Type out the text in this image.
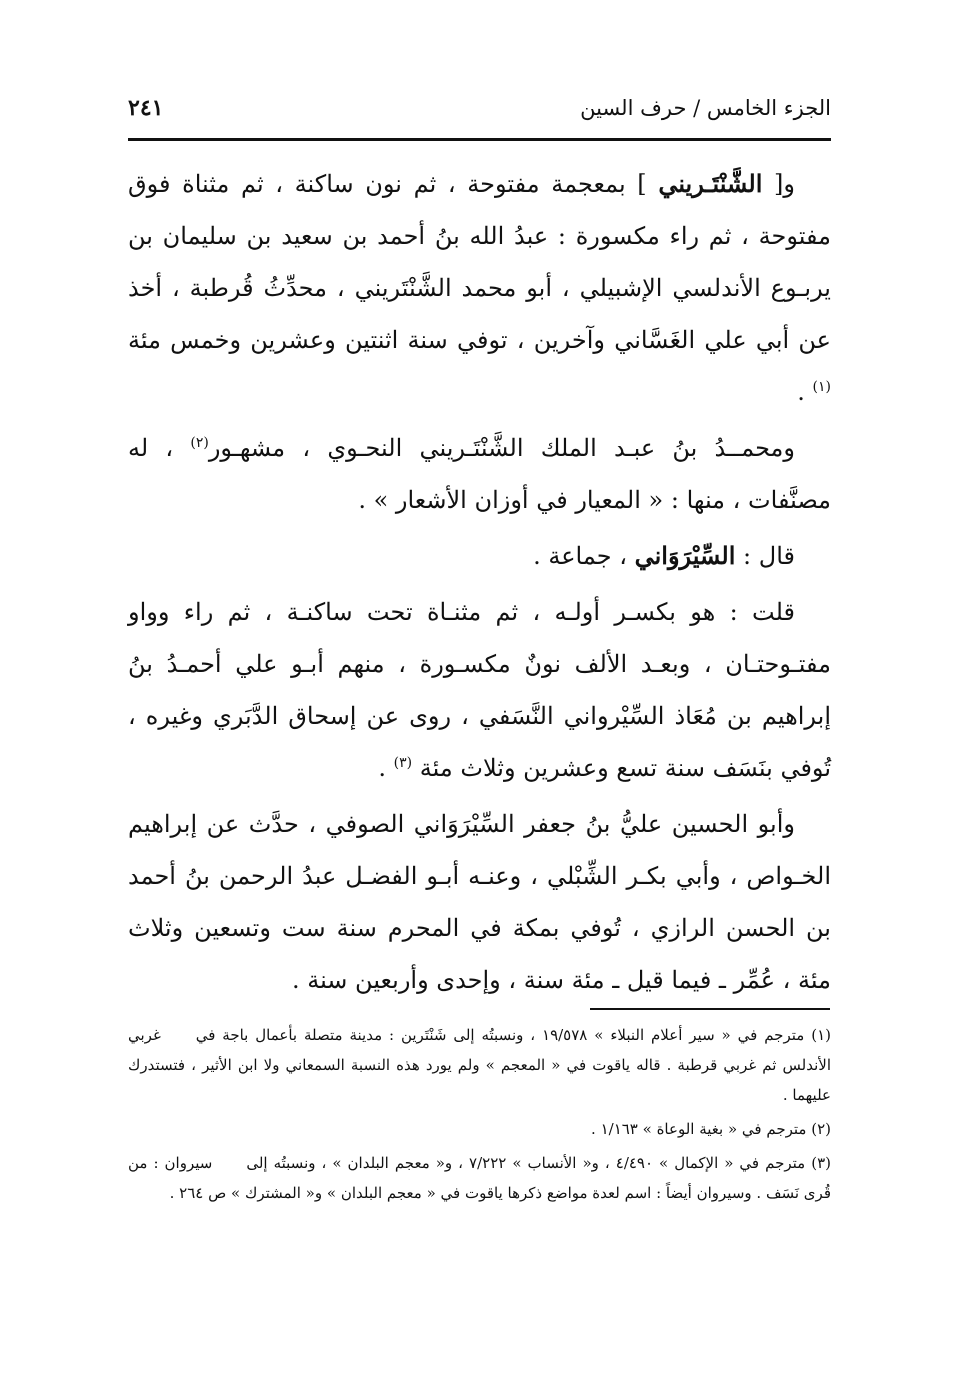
الجزء الخامس / حرف السين
٢٤١

و[ الشَّنْتَـريني ] بمعجمة مفتوحة ، ثم نون ساكنة ، ثم مثناة فوق مفتوحة ، ثم راء مكسورة : عبدُ الله بنُ أحمد بن سعيد بن سليمان بن يربـوع الأندلسي الإشبيلي ، أبو محمد الشَّنْتَريني ، محدِّثُ قُرطبة ، أخذ عن أبي علي الغَسَّاني وآخرين ، توفي سنة اثنتين وعشرين وخمس مئة $^{(١)}$ .

ومحمــدُ بنُ عبـد الملك الشَّنْتَـريني النحـوي ، مشهـور$^{(٢)}$ ، له مصنَّفات ، منها : « المعيار في أوزان الأشعار » .

قال : السِّيْرَوَاني ، جماعة .

قلت : هو بكسـر أولـه ، ثم مثنـاة تحت ساكنـة ، ثم راء وواو مفتـوحتـان ، وبعـد الألف نونٌ مكسـورة ، منهم أبـو علي أحمـدُ بنُ إبراهيم بن مُعَاذ السِّيْرواني النَّسَفي ، روى عن إسحاق الدَّبَري وغيره ، تُوفي بنَسَف سنة تسع وعشرين وثلاث مئة $^{(٣)}$ .

وأبو الحسين عليُّ بنُ جعفر السِّيْرَوَاني الصوفي ، حدَّث عن إبراهيم الخـواص ، وأبي بكـر الشِّبْلي ، وعنـه أبـو الفضـل عبدُ الرحمن بنُ أحمد بن الحسن الرازي ، تُوفي بمكة في المحرم سنة ست وتسعين وثلاث مئة ، عُمِّر ـ فيما قيل ـ مئة سنة ، وإحدى وأربعين سنة .

(١) مترجم في « سير أعلام النبلاء » ١٩/٥٧٨ ، ونسبتُه إلى شَنْتَرين : مدينة متصلة بأعمال باجة في غربي الأندلس ثم غربي قرطبة . قاله ياقوت في « المعجم » ولم يورد هذه النسبة السمعاني ولا ابن الأثير ، فتستدرك عليهما .

(٢) مترجم في « بغية الوعاة » ١/١٦٣ .

(٣) مترجم في « الإكمال » ٤/٤٩٠ ، و« الأنساب » ٧/٢٢٢ ، و« معجم البلدان » ، ونسبتُه إلى سيروان : من قُرى نَسَف . وسيروان أيضاً : اسم لعدة مواضع ذكرها ياقوت في « معجم البلدان » و« المشترك » ص ٢٦٤ .
